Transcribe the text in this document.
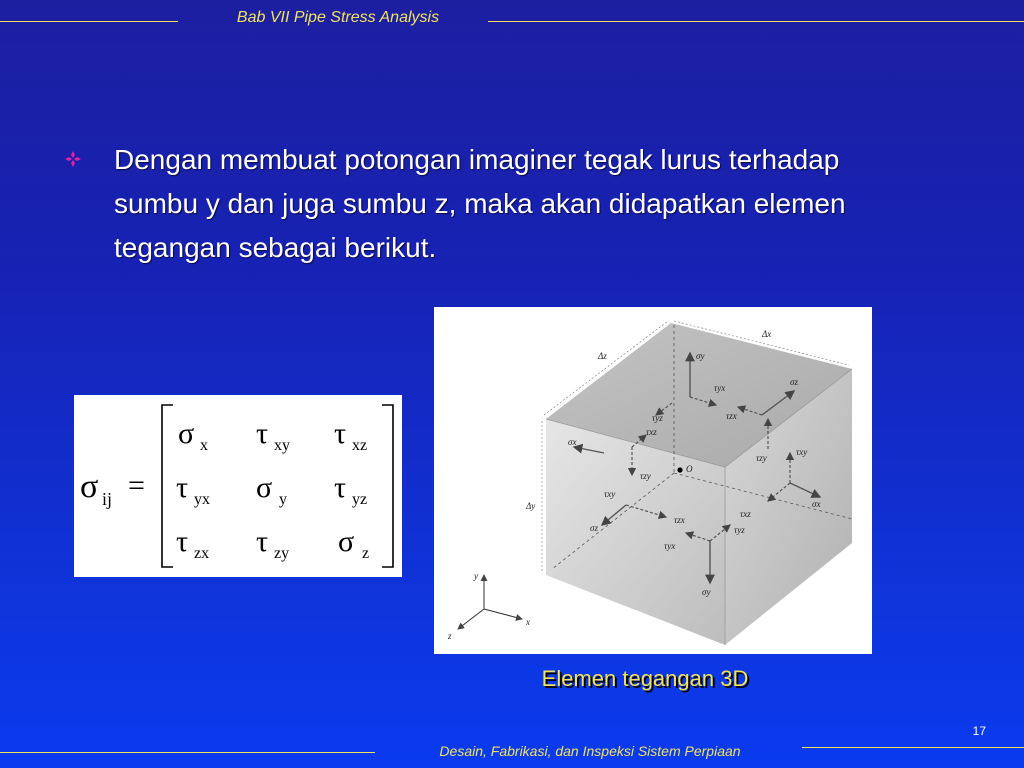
Bab VII Pipe Stress Analysis
Dengan membuat potongan imaginer tegak lurus terhadap sumbu y dan juga sumbu z, maka akan didapatkan elemen tegangan sebagai berikut.
σ ij =
σ x τ xy τ xz
τ yx σ y τ yz
τ zx τ zy σ z
Δx
Δz
Δy
O
σy
τyx
σz
τzx
τyz
τxz
σx
τxy
τzy
σz
τzx
τyx
σy
τxz
τyz
τzy
τxy
σx
y
x
z
Elemen tegangan 3D
17
Desain, Fabrikasi, dan Inspeksi Sistem Perpiaan
